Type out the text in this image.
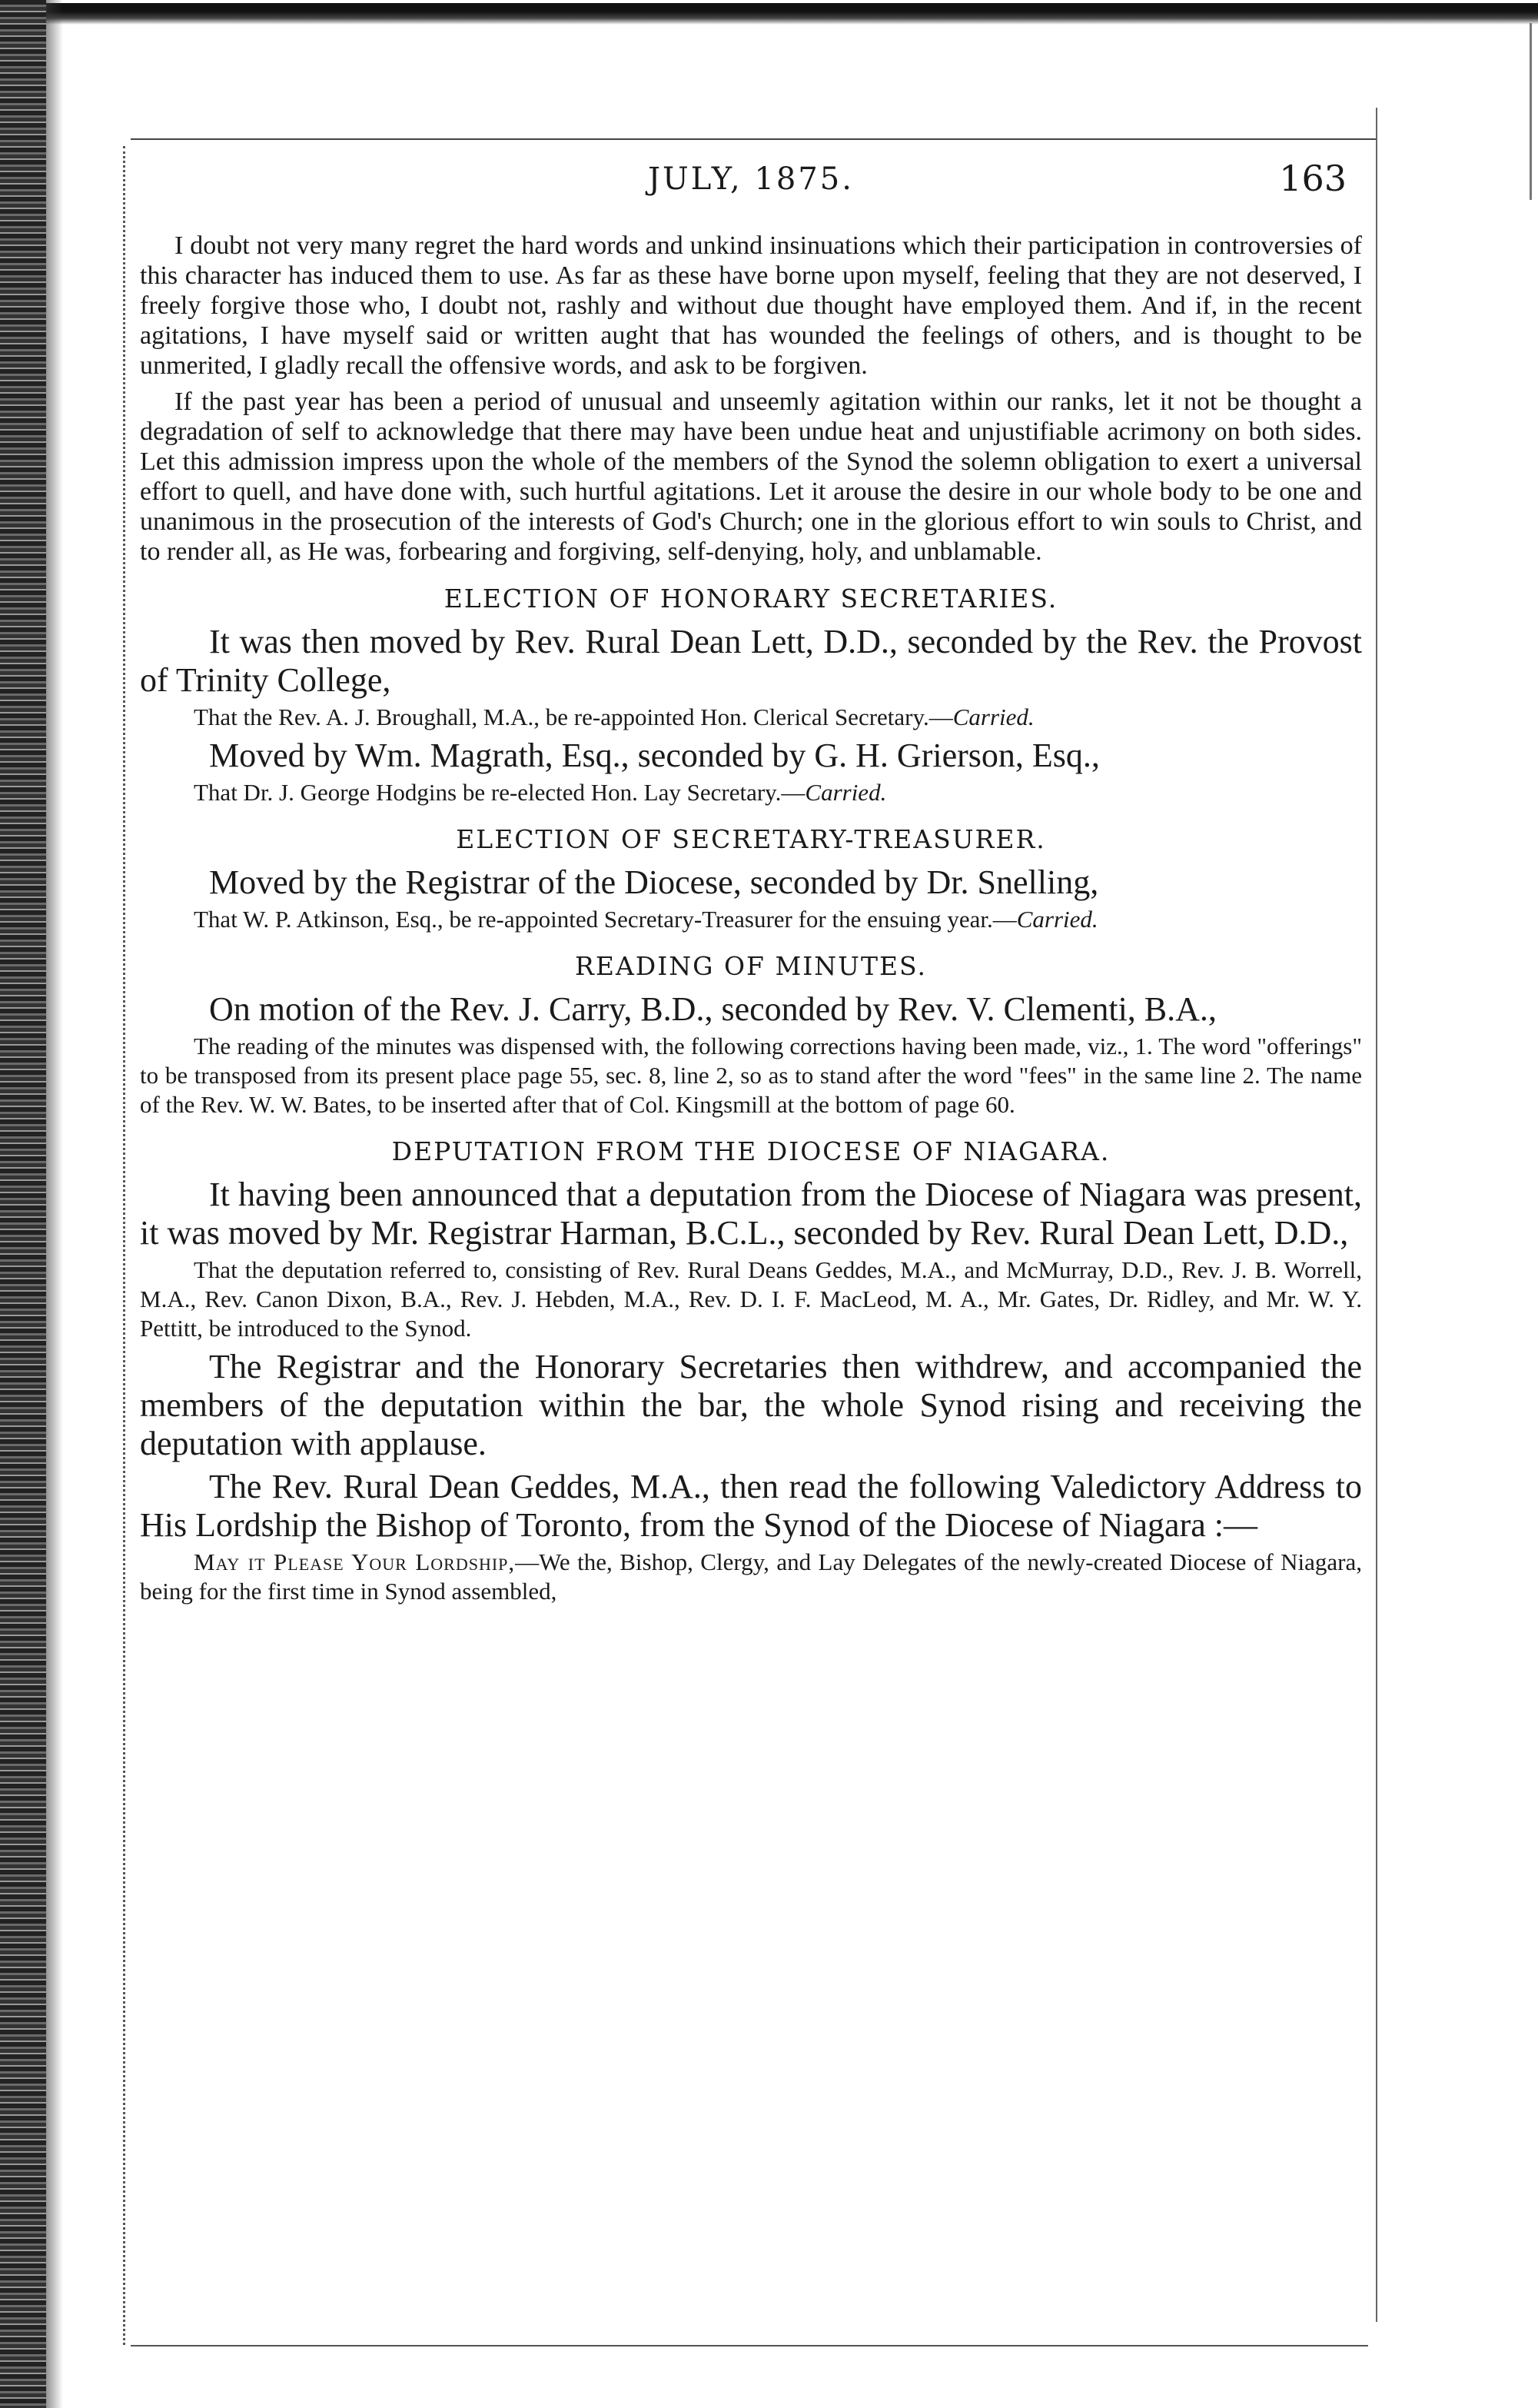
JULY, 1875.	163

I doubt not very many regret the hard words and unkind insinuations which their participation in controversies of this character has induced them to use. As far as these have borne upon myself, feeling that they are not deserved, I freely forgive those who, I doubt not, rashly and without due thought have employed them. And if, in the recent agitations, I have myself said or written aught that has wounded the feelings of others, and is thought to be unmerited, I gladly recall the offensive words, and ask to be forgiven.

If the past year has been a period of unusual and unseemly agitation within our ranks, let it not be thought a degradation of self to acknowledge that there may have been undue heat and unjustifiable acrimony on both sides. Let this admission impress upon the whole of the members of the Synod the solemn obligation to exert a universal effort to quell, and have done with, such hurtful agitations. Let it arouse the desire in our whole body to be one and unanimous in the prosecution of the interests of God's Church; one in the glorious effort to win souls to Christ, and to render all, as He was, forbearing and forgiving, self-denying, holy, and unblamable.

ELECTION OF HONORARY SECRETARIES.

It was then moved by Rev. Rural Dean Lett, D.D., seconded by the Rev. the Provost of Trinity College,

That the Rev. A. J. Broughall, M.A., be re-appointed Hon. Clerical Secretary.—Carried.

Moved by Wm. Magrath, Esq., seconded by G. H. Grierson, Esq.,

That Dr. J. George Hodgins be re-elected Hon. Lay Secretary.—Carried.

ELECTION OF SECRETARY-TREASURER.

Moved by the Registrar of the Diocese, seconded by Dr. Snelling,

That W. P. Atkinson, Esq., be re-appointed Secretary-Treasurer for the ensuing year.—Carried.

READING OF MINUTES.

On motion of the Rev. J. Carry, B.D., seconded by Rev. V. Clementi, B.A.,

The reading of the minutes was dispensed with, the following corrections having been made, viz., 1. The word "offerings" to be transposed from its present place page 55, sec. 8, line 2, so as to stand after the word "fees" in the same line 2. The name of the Rev. W. W. Bates, to be inserted after that of Col. Kingsmill at the bottom of page 60.

DEPUTATION FROM THE DIOCESE OF NIAGARA.

It having been announced that a deputation from the Diocese of Niagara was present, it was moved by Mr. Registrar Harman, B.C.L., seconded by Rev. Rural Dean Lett, D.D.,

That the deputation referred to, consisting of Rev. Rural Deans Geddes, M.A., and McMurray, D.D., Rev. J. B. Worrell, M.A., Rev. Canon Dixon, B.A., Rev. J. Hebden, M.A., Rev. D. I. F. MacLeod, M. A., Mr. Gates, Dr. Ridley, and Mr. W. Y. Pettitt, be introduced to the Synod.

The Registrar and the Honorary Secretaries then withdrew, and accompanied the members of the deputation within the bar, the whole Synod rising and receiving the deputation with applause.

The Rev. Rural Dean Geddes, M.A., then read the following Valedictory Address to His Lordship the Bishop of Toronto, from the Synod of the Diocese of Niagara :—

May it Please Your Lordship,—We the, Bishop, Clergy, and Lay Delegates of the newly-created Diocese of Niagara, being for the first time in Synod assembled,
